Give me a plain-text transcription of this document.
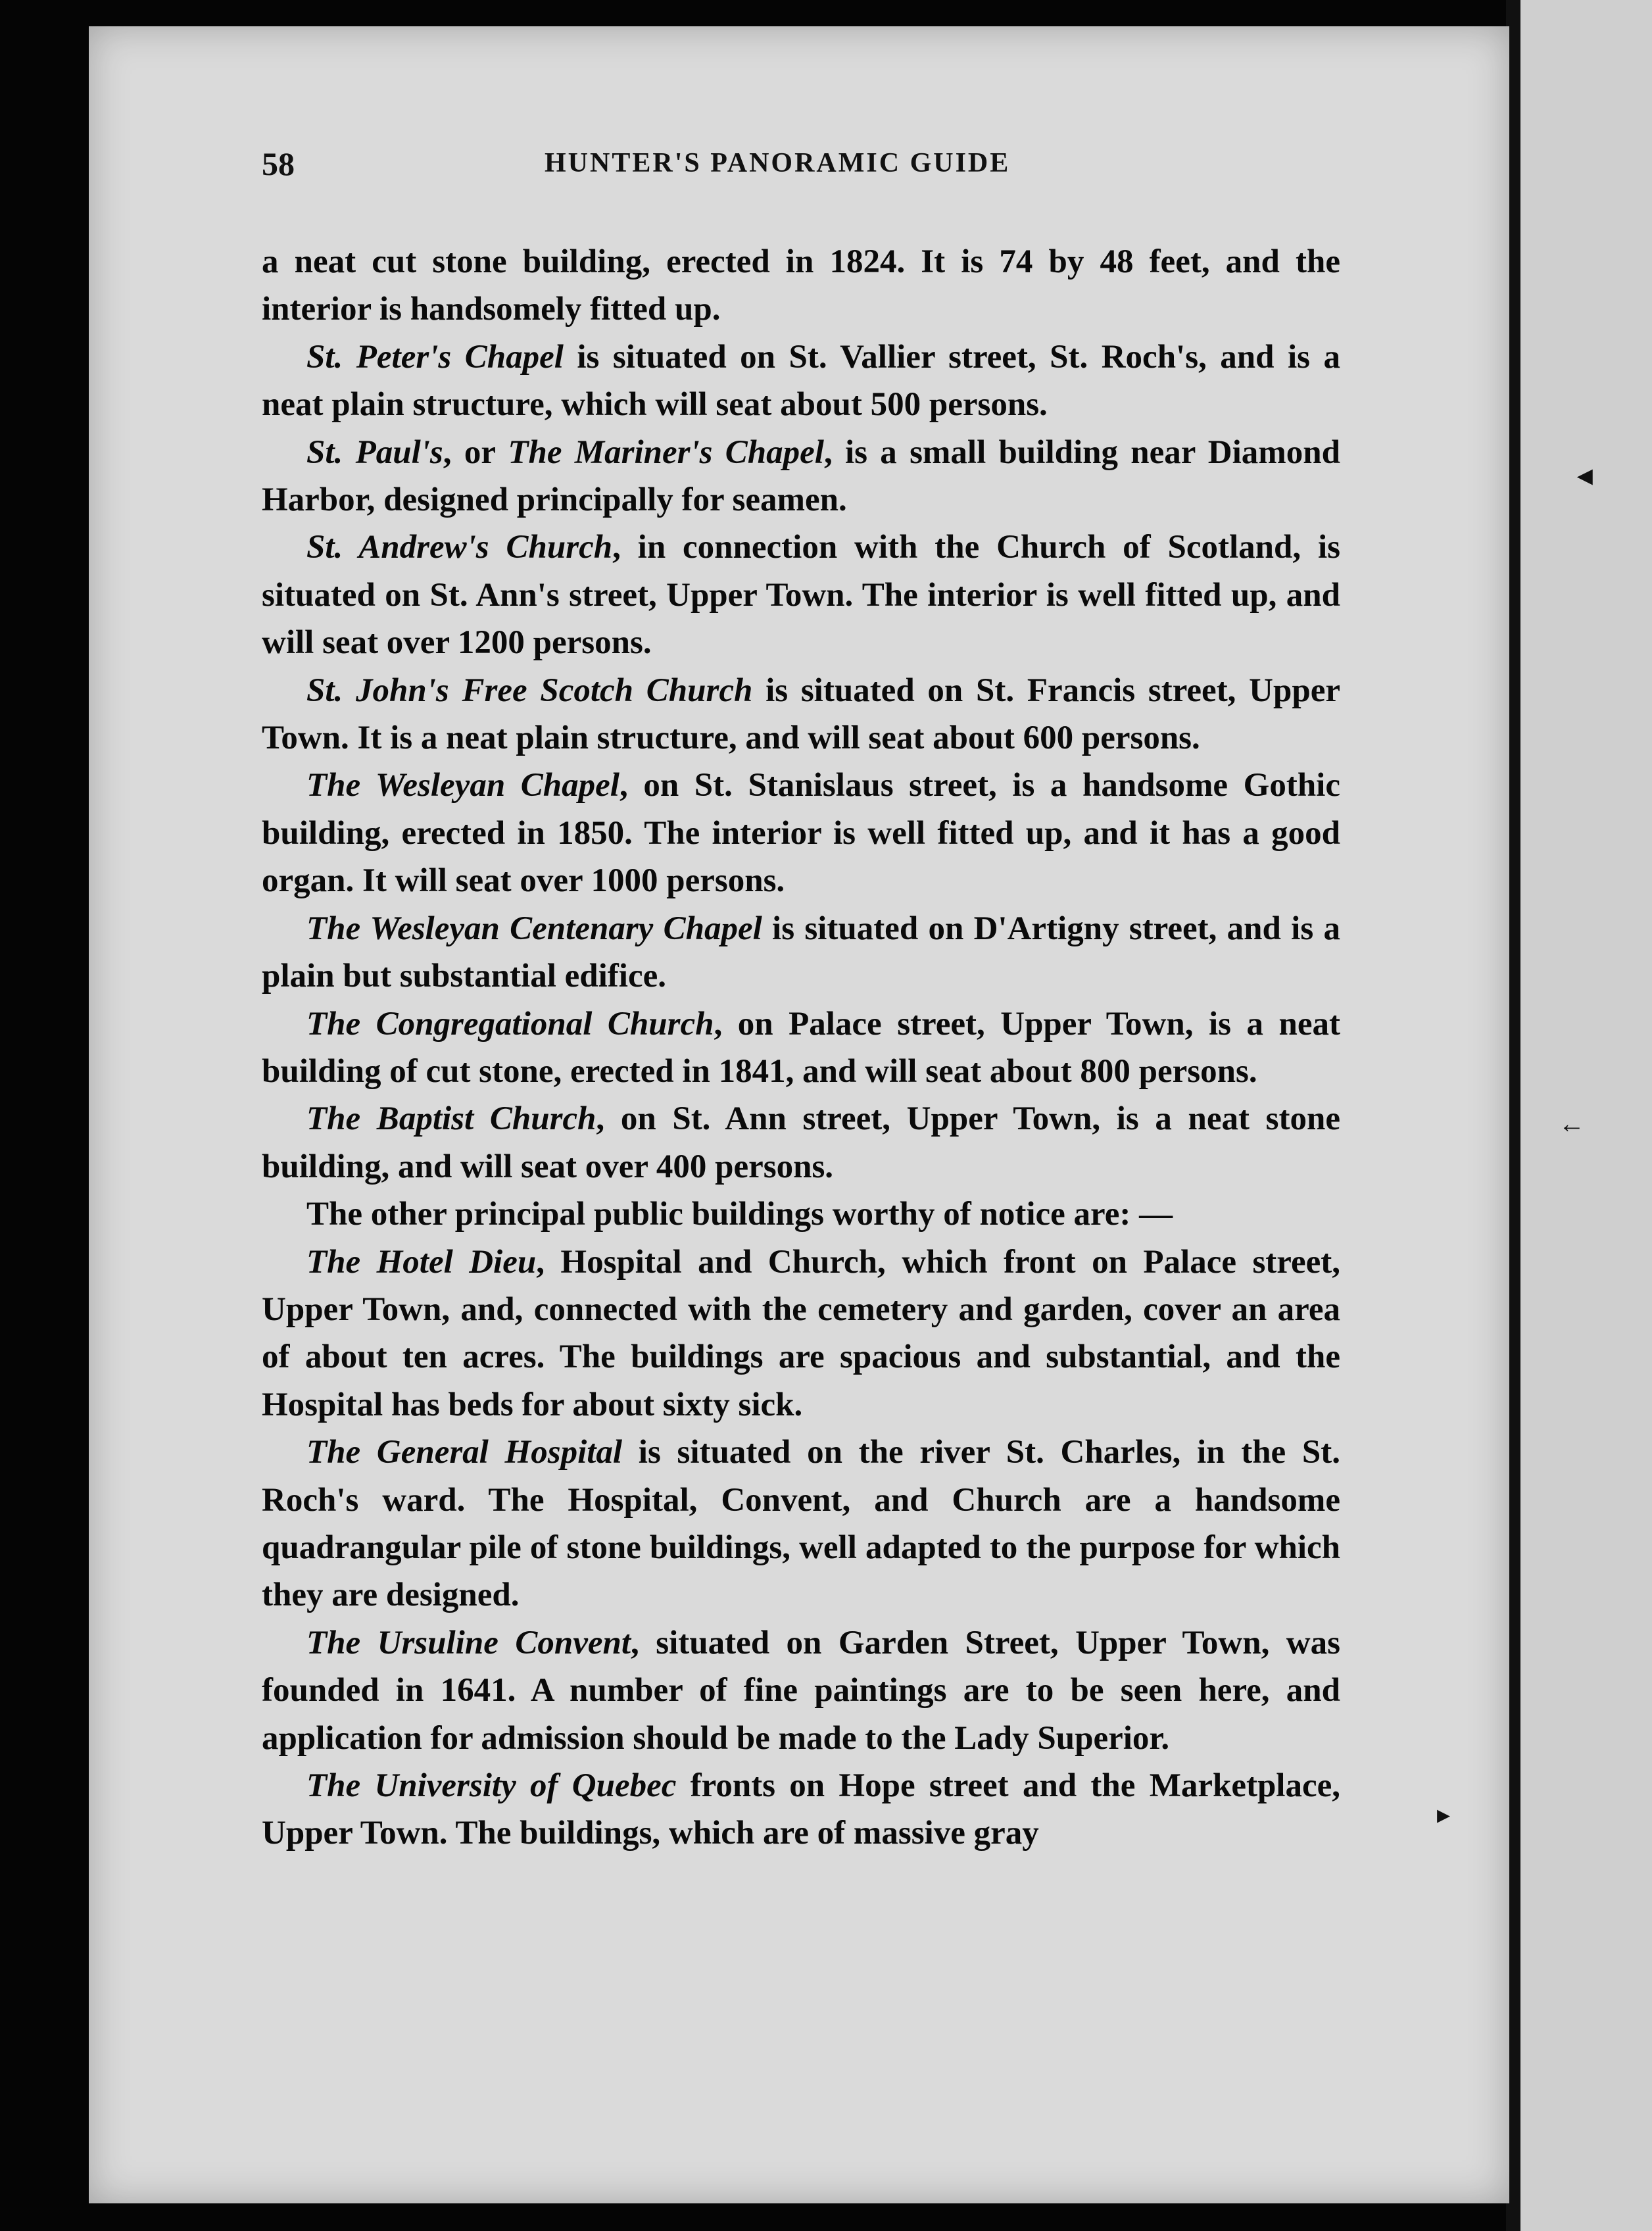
58	HUNTER'S PANORAMIC GUIDE

a neat cut stone building, erected in 1824. It is 74 by 48 feet, and the interior is handsomely fitted up.

St. Peter's Chapel is situated on St. Vallier street, St. Roch's, and is a neat plain structure, which will seat about 500 persons.

St. Paul's, or The Mariner's Chapel, is a small building near Diamond Harbor, designed principally for seamen.

St. Andrew's Church, in connection with the Church of Scotland, is situated on St. Ann's street, Upper Town. The interior is well fitted up, and will seat over 1200 persons.

St. John's Free Scotch Church is situated on St. Francis street, Upper Town. It is a neat plain structure, and will seat about 600 persons.

The Wesleyan Chapel, on St. Stanislaus street, is a handsome Gothic building, erected in 1850. The interior is well fitted up, and it has a good organ. It will seat over 1000 persons.

The Wesleyan Centenary Chapel is situated on D'Artigny street, and is a plain but substantial edifice.

The Congregational Church, on Palace street, Upper Town, is a neat building of cut stone, erected in 1841, and will seat about 800 persons.

The Baptist Church, on St. Ann street, Upper Town, is a neat stone building, and will seat over 400 persons.

The other principal public buildings worthy of notice are: —

The Hotel Dieu, Hospital and Church, which front on Palace street, Upper Town, and, connected with the cemetery and garden, cover an area of about ten acres. The buildings are spacious and substantial, and the Hospital has beds for about sixty sick.

The General Hospital is situated on the river St. Charles, in the St. Roch's ward. The Hospital, Convent, and Church are a handsome quadrangular pile of stone buildings, well adapted to the purpose for which they are designed.

The Ursuline Convent, situated on Garden Street, Upper Town, was founded in 1641. A number of fine paintings are to be seen here, and application for admission should be made to the Lady Superior.

The University of Quebec fronts on Hope street and the Marketplace, Upper Town. The buildings, which are of massive gray

◄
←
▸
